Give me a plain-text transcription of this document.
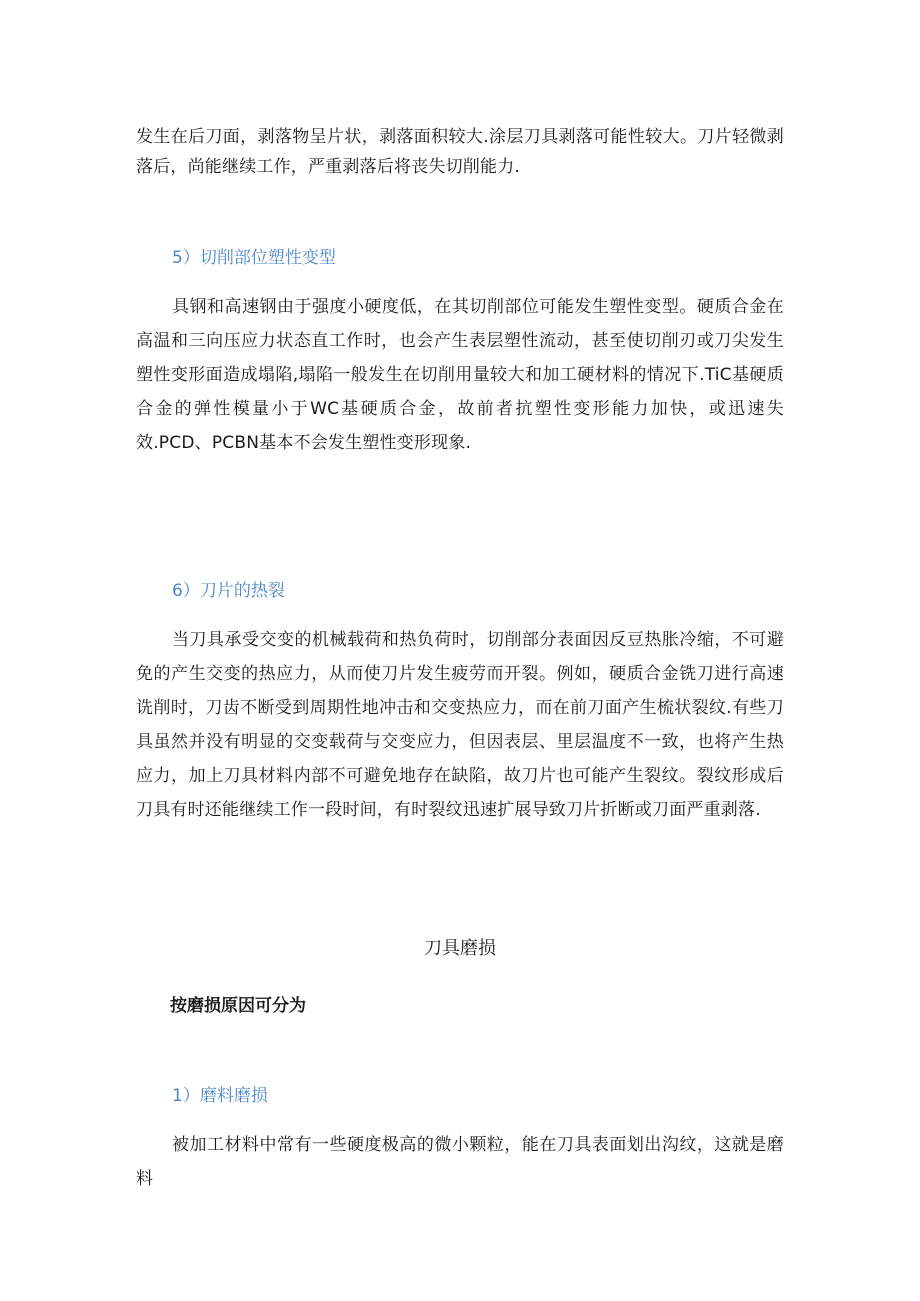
发生在后刀面，剥落物呈片状，剥落面积较大.涂层刀具剥落可能性较大。刀片轻微剥落后，尚能继续工作，严重剥落后将丧失切削能力.

5）切削部位塑性变型

具钢和高速钢由于强度小硬度低，在其切削部位可能发生塑性变型。硬质合金在高温和三向压应力状态直工作时，也会产生表层塑性流动，甚至使切削刃或刀尖发生塑性变形面造成塌陷,塌陷一般发生在切削用量较大和加工硬材料的情况下.TiC基硬质合金的弹性模量小于WC基硬质合金，故前者抗塑性变形能力加快，或迅速失效.PCD、PCBN基本不会发生塑性变形现象.

6）刀片的热裂

当刀具承受交变的机械载荷和热负荷时，切削部分表面因反豆热胀冷缩，不可避免的产生交变的热应力，从而使刀片发生疲劳而开裂。例如，硬质合金铣刀进行高速诜削时，刀齿不断受到周期性地冲击和交变热应力，而在前刀面产生梳状裂纹.有些刀具虽然并没有明显的交变载荷与交变应力，但因表层、里层温度不一致，也将产生热应力，加上刀具材料内部不可避免地存在缺陷，故刀片也可能产生裂纹。裂纹形成后刀具有时还能继续工作一段时间，有时裂纹迅速扩展导致刀片折断或刀面严重剥落.

刀具磨损

按磨损原因可分为

1）磨料磨损

被加工材料中常有一些硬度极高的微小颗粒，能在刀具表面划出沟纹，这就是磨料
